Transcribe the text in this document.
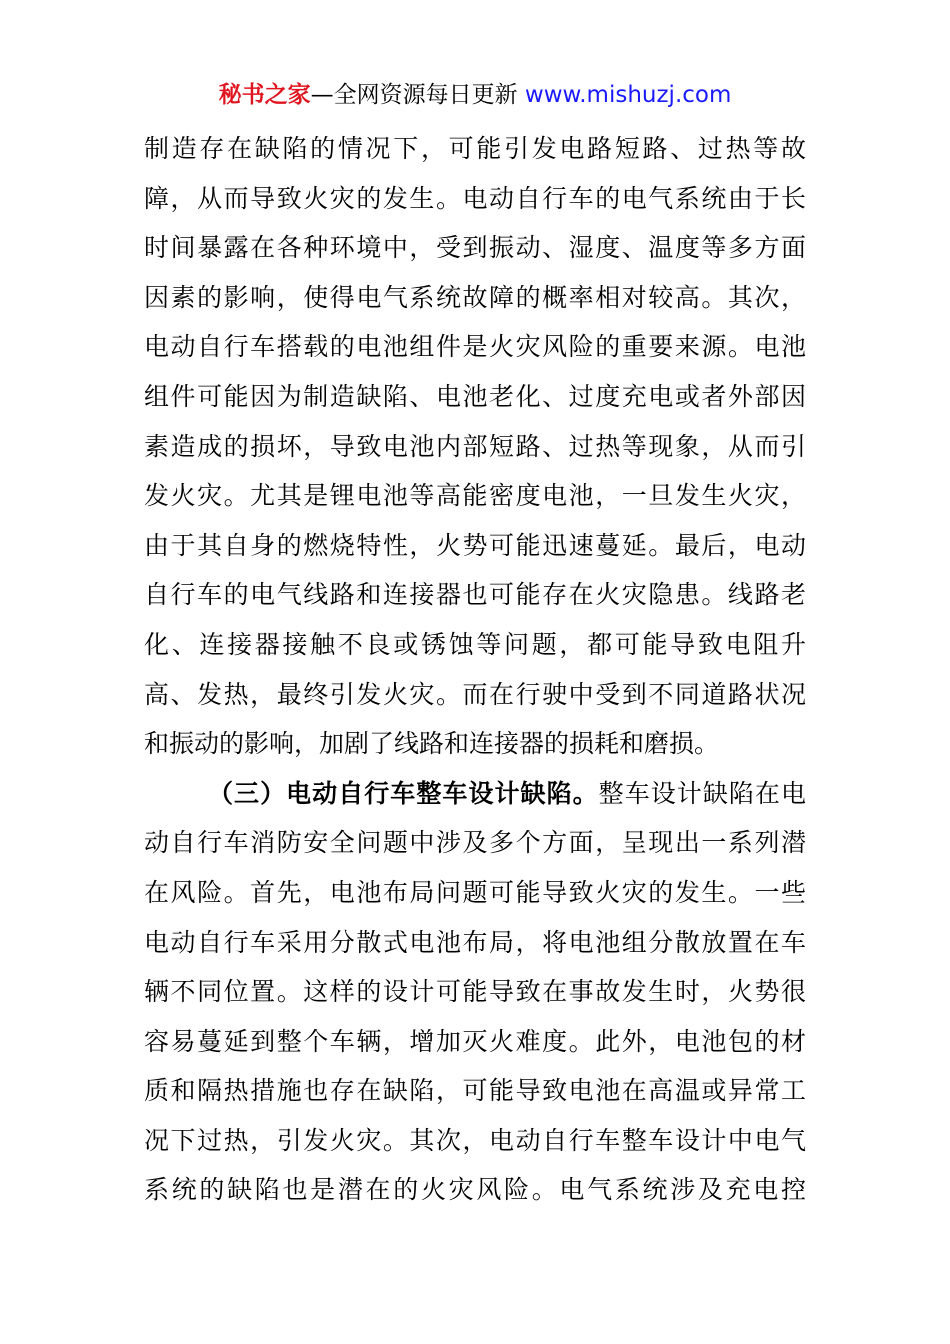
秘书之家—全网资源每日更新 www.mishuzj.com
制造存在缺陷的情况下，可能引发电路短路、过热等故
障，从而导致火灾的发生。电动自行车的电气系统由于长
时间暴露在各种环境中，受到振动、湿度、温度等多方面
因素的影响，使得电气系统故障的概率相对较高。其次，
电动自行车搭载的电池组件是火灾风险的重要来源。电池
组件可能因为制造缺陷、电池老化、过度充电或者外部因
素造成的损坏，导致电池内部短路、过热等现象，从而引
发火灾。尤其是锂电池等高能密度电池，一旦发生火灾，
由于其自身的燃烧特性，火势可能迅速蔓延。最后，电动
自行车的电气线路和连接器也可能存在火灾隐患。线路老
化、连接器接触不良或锈蚀等问题，都可能导致电阻升
高、发热，最终引发火灾。而在行驶中受到不同道路状况
和振动的影响，加剧了线路和连接器的损耗和磨损。
（三）电动自行车整车设计缺陷。整车设计缺陷在电
动自行车消防安全问题中涉及多个方面，呈现出一系列潜
在风险。首先，电池布局问题可能导致火灾的发生。一些
电动自行车采用分散式电池布局，将电池组分散放置在车
辆不同位置。这样的设计可能导致在事故发生时，火势很
容易蔓延到整个车辆，增加灭火难度。此外，电池包的材
质和隔热措施也存在缺陷，可能导致电池在高温或异常工
况下过热，引发火灾。其次，电动自行车整车设计中电气
系统的缺陷也是潜在的火灾风险。电气系统涉及充电控
